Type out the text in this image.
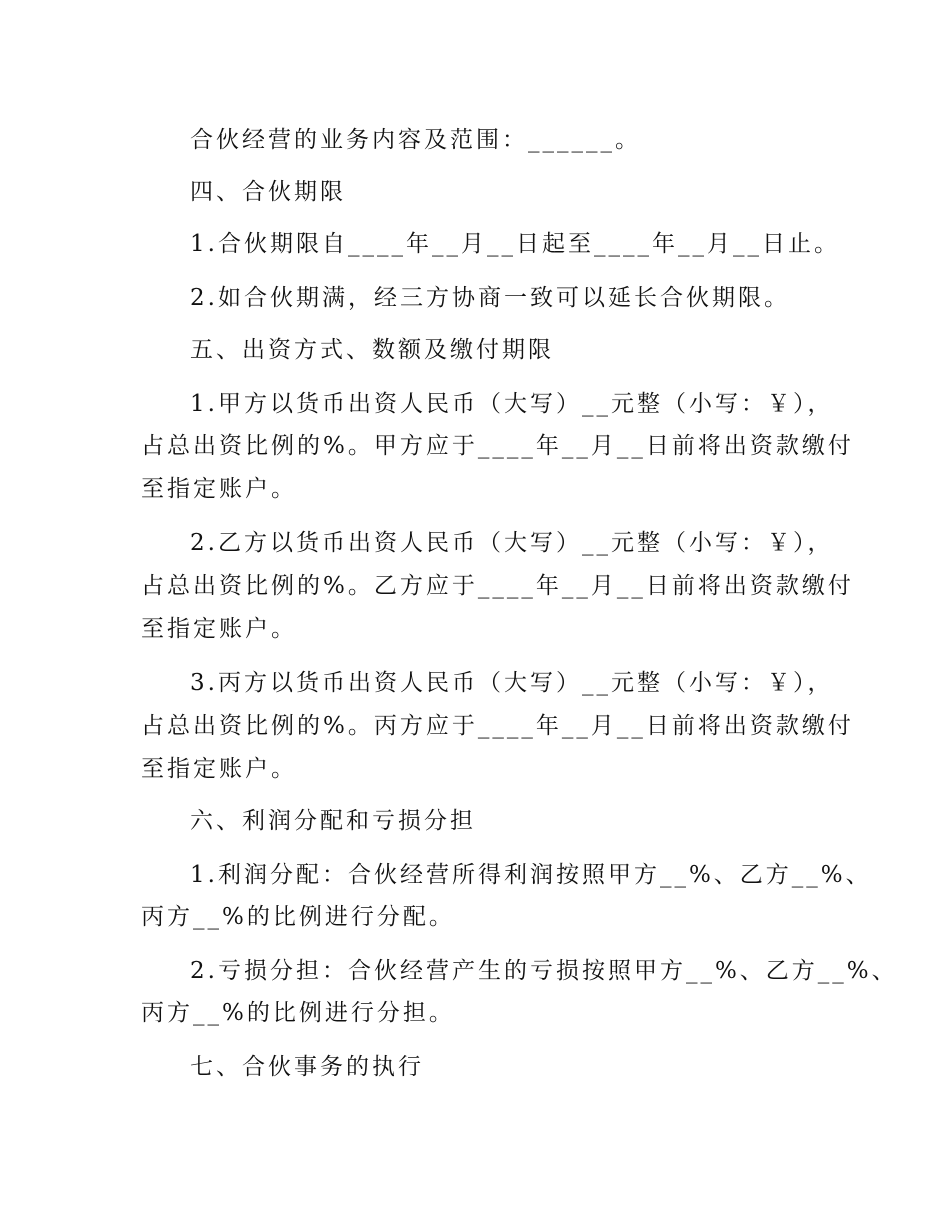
合伙经营的业务内容及范围：______。
四、合伙期限
1.合伙期限自____年__月__日起至____年__月__日止。
2.如合伙期满，经三方协商一致可以延长合伙期限。
五、出资方式、数额及缴付期限
1.甲方以货币出资人民币（大写）__元整（小写：￥），
占总出资比例的%。甲方应于____年__月__日前将出资款缴付
至指定账户。
2.乙方以货币出资人民币（大写）__元整（小写：￥），
占总出资比例的%。乙方应于____年__月__日前将出资款缴付
至指定账户。
3.丙方以货币出资人民币（大写）__元整（小写：￥），
占总出资比例的%。丙方应于____年__月__日前将出资款缴付
至指定账户。
六、利润分配和亏损分担
1.利润分配：合伙经营所得利润按照甲方__%、乙方__%、
丙方__%的比例进行分配。
2.亏损分担：合伙经营产生的亏损按照甲方__%、乙方__%、
丙方__%的比例进行分担。
七、合伙事务的执行
